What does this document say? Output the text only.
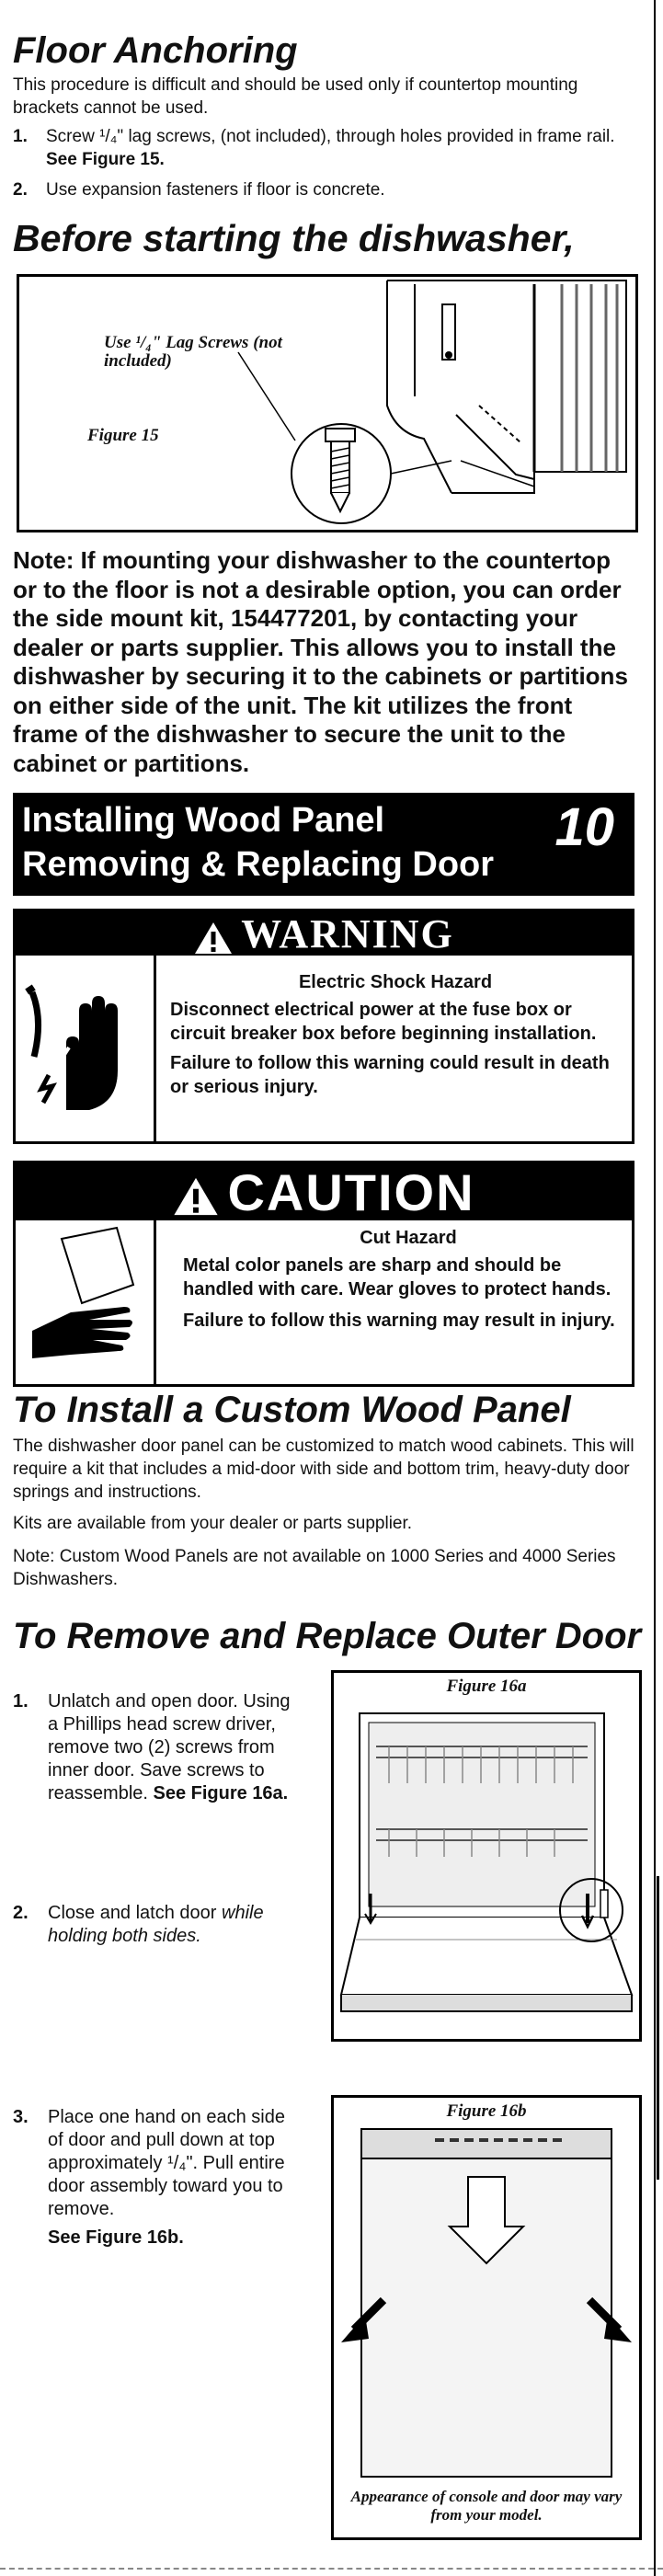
Floor Anchoring

This procedure is difficult and should be used only if countertop mounting brackets cannot be used.

1. Screw ¹/₄" lag screws, (not included), through holes provided in frame rail. See Figure 15.
2. Use expansion fasteners if floor is concrete.
Before starting the dishwasher,
Use ¹/₄" Lag Screws (not included)
Figure 15

Note: If mounting your dishwasher to the countertop or to the floor is not a desirable option, you can order the side mount kit, 154477201, by contacting your dealer or parts supplier. This allows you to install the dishwasher by securing it to the cabinets or partitions on either side of the unit. The kit utilizes the front frame of the dishwasher to secure the unit to the cabinet or partitions.

Installing Wood Panel
Removing & Replacing Door
10
WARNING
Electric Shock Hazard
Disconnect electrical power at the fuse box or circuit breaker box before beginning installation.
Failure to follow this warning could result in death or serious injury.
CAUTION
Cut Hazard
Metal color panels are sharp and should be handled with care. Wear gloves to protect hands.
Failure to follow this warning may result in injury.
To Install a Custom Wood Panel

The dishwasher door panel can be customized to match wood cabinets. This will require a kit that includes a mid-door with side and bottom trim, heavy-duty door springs and instructions.

Kits are available from your dealer or parts supplier.

Note: Custom Wood Panels are not available on 1000 Series and 4000 Series Dishwashers.

To Remove and Replace Outer Door
1. Unlatch and open door. Using a Phillips head screw driver, remove two (2) screws from inner door. Save screws to reassemble. See Figure 16a.
2. Close and latch door while holding both sides.
3. Place one hand on each side of door and pull down at top approximately ¹/₄". Pull entire door assembly toward you to remove.
See Figure 16b.
Figure 16a
Figure 16b
Appearance of console and door may vary from your model.
